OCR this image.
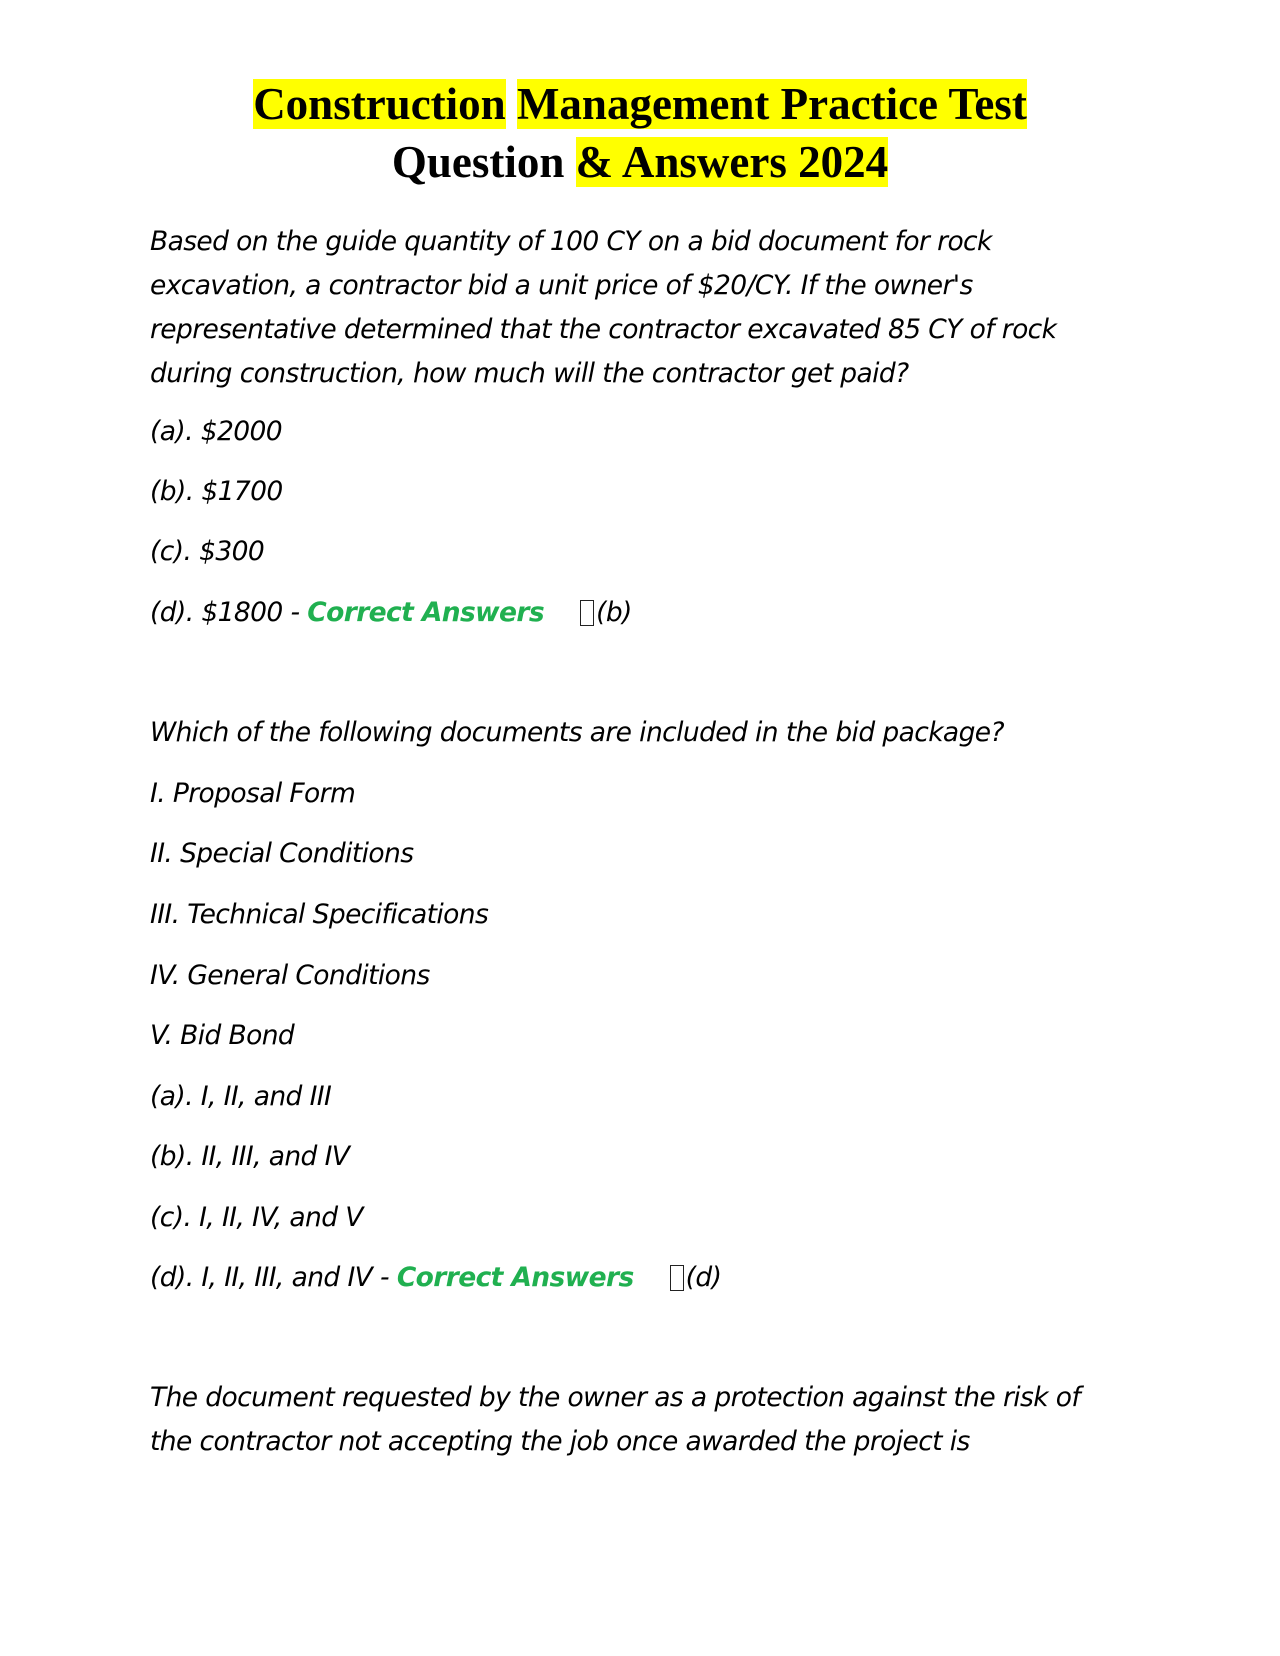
Construction Management Practice Test
Question & Answers 2024

Based on the guide quantity of 100 CY on a bid document for rock excavation, a contractor bid a unit price of $20/CY. If the owner's representative determined that the contractor excavated 85 CY of rock during construction, how much will the contractor get paid?

(a). $2000

(b). $1700

(c). $300

(d). $1800 - Correct Answers (b)

Which of the following documents are included in the bid package?

I. Proposal Form

II. Special Conditions

III. Technical Specifications

IV. General Conditions

V. Bid Bond

(a). I, II, and III

(b). II, III, and IV

(c). I, II, IV, and V

(d). I, II, III, and IV - Correct Answers (d)

The document requested by the owner as a protection against the risk of the contractor not accepting the job once awarded the project is
